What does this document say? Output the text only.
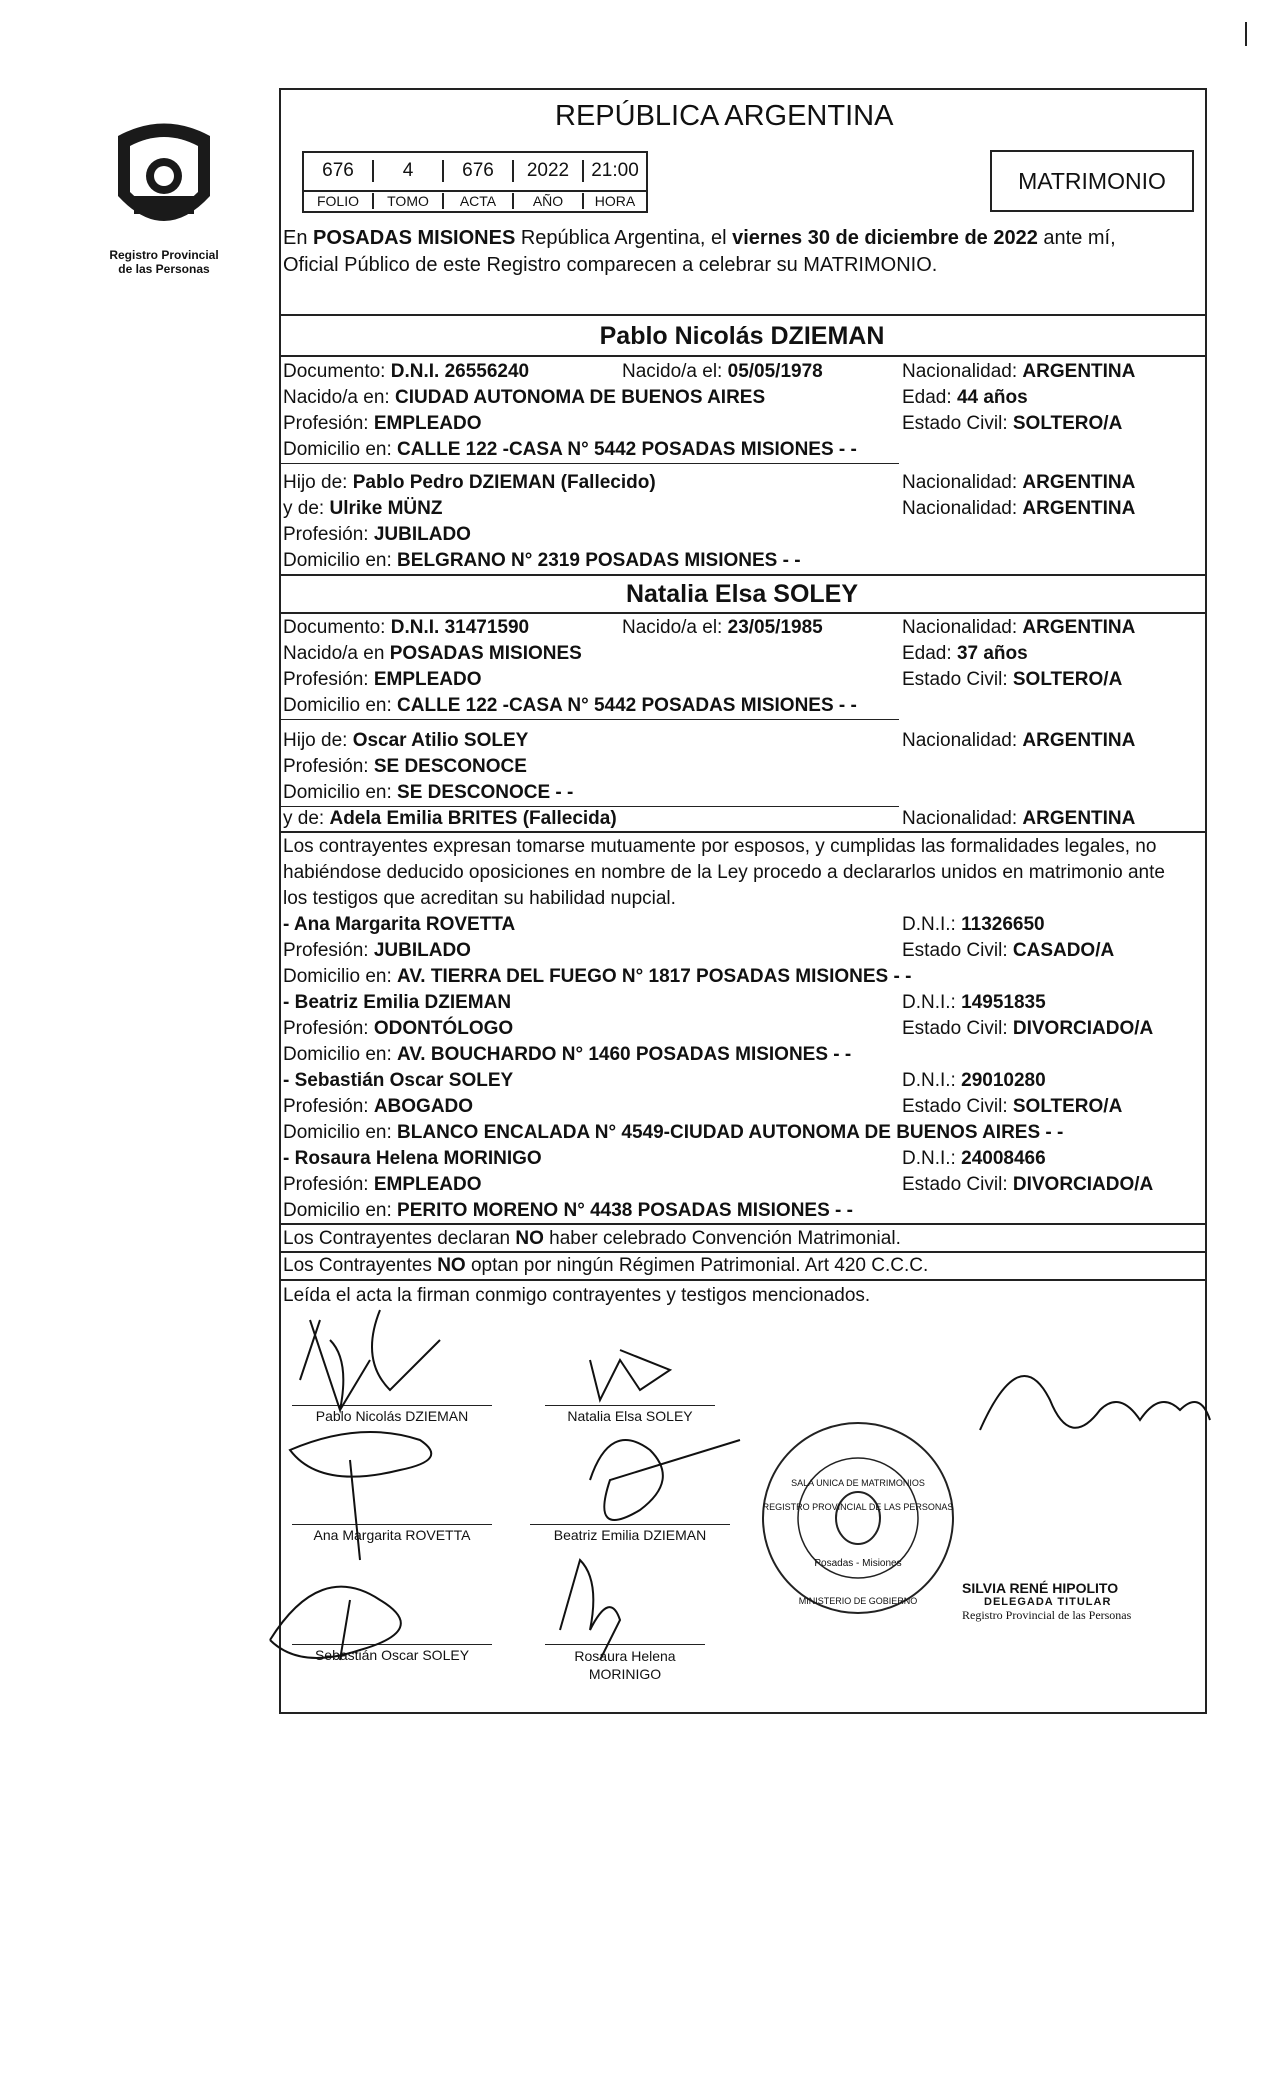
Registro Provincial
de las Personas
REPÚBLICA ARGENTINA
676	4	676	2022	21:00
FOLIO	TOMO	ACTA	AÑO	HORA
MATRIMONIO
En POSADAS MISIONES República Argentina, el viernes 30 de diciembre de 2022 ante mí,
Oficial Público de este Registro comparecen a celebrar su MATRIMONIO.
Pablo Nicolás DZIEMAN
Documento: D.N.I. 26556240	Nacido/a el: 05/05/1978	Nacionalidad: ARGENTINA
Nacido/a en: CIUDAD AUTONOMA DE BUENOS AIRES	Edad: 44 años
Profesión: EMPLEADO	Estado Civil: SOLTERO/A
Domicilio en: CALLE 122 -CASA N° 5442 POSADAS MISIONES - -
Hijo de: Pablo Pedro DZIEMAN (Fallecido)	Nacionalidad: ARGENTINA
y de: Ulrike MÜNZ	Nacionalidad: ARGENTINA
Profesión: JUBILADO
Domicilio en: BELGRANO N° 2319 POSADAS MISIONES - -
Natalia Elsa SOLEY
Documento: D.N.I. 31471590	Nacido/a el: 23/05/1985	Nacionalidad: ARGENTINA
Nacido/a en POSADAS MISIONES	Edad: 37 años
Profesión: EMPLEADO	Estado Civil: SOLTERO/A
Domicilio en: CALLE 122 -CASA N° 5442 POSADAS MISIONES - -
Hijo de: Oscar Atilio SOLEY	Nacionalidad: ARGENTINA
Profesión: SE DESCONOCE
Domicilio en: SE DESCONOCE - -
y de: Adela Emilia BRITES (Fallecida)	Nacionalidad: ARGENTINA
Los contrayentes expresan tomarse mutuamente por esposos, y cumplidas las formalidades legales, no
habiéndose deducido oposiciones en nombre de la Ley procedo a declararlos unidos en matrimonio ante
los testigos que acreditan su habilidad nupcial.
- Ana Margarita ROVETTA	D.N.I.: 11326650
Profesión: JUBILADO	Estado Civil: CASADO/A
Domicilio en: AV. TIERRA DEL FUEGO N° 1817 POSADAS MISIONES - -
- Beatriz Emilia DZIEMAN	D.N.I.: 14951835
Profesión: ODONTÓLOGO	Estado Civil: DIVORCIADO/A
Domicilio en: AV. BOUCHARDO N° 1460 POSADAS MISIONES - -
- Sebastián Oscar SOLEY	D.N.I.: 29010280
Profesión: ABOGADO	Estado Civil: SOLTERO/A
Domicilio en: BLANCO ENCALADA N° 4549-CIUDAD AUTONOMA DE BUENOS AIRES - -
- Rosaura Helena MORINIGO	D.N.I.: 24008466
Profesión: EMPLEADO	Estado Civil: DIVORCIADO/A
Domicilio en: PERITO MORENO N° 4438 POSADAS MISIONES - -
Los Contrayentes declaran NO haber celebrado Convención Matrimonial.
Los Contrayentes NO optan por ningún Régimen Patrimonial. Art 420 C.C.C.
Leída el acta la firman conmigo contrayentes y testigos mencionados.
Pablo Nicolás DZIEMAN	Natalia Elsa SOLEY
Ana Margarita ROVETTA	Beatriz Emilia DZIEMAN
Sebastián Oscar SOLEY	Rosaura Helena
MORINIGO
REGISTRO PROVINCIAL DE LAS PERSONAS
SALA UNICA DE MATRIMONIOS
Posadas - Misiones
MINISTERIO DE GOBIERNO
SILVIA RENÉ HIPOLITO
DELEGADA TITULAR
Registro Provincial de las Personas
